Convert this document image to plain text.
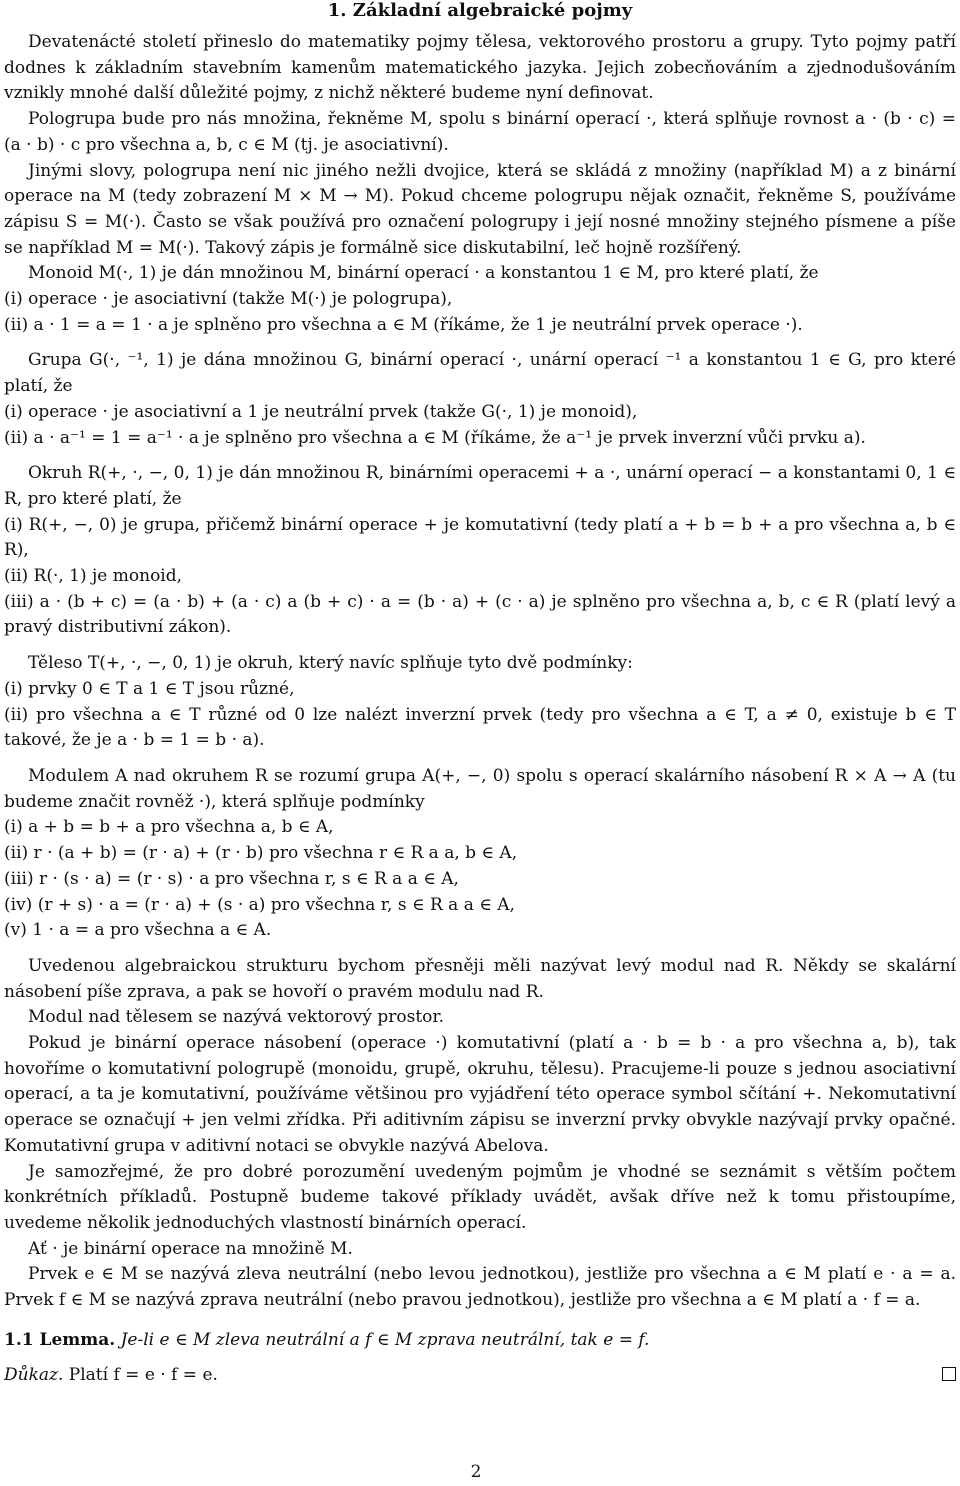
1. Základní algebraické pojmy

Devatenácté století přineslo do matematiky pojmy tělesa, vektorového prostoru a grupy. Tyto pojmy patří dodnes k základním stavebním kamenům matematického jazyka. Jejich zobecňováním a zjednodušováním vznikly mnohé další důležité pojmy, z nichž některé budeme nyní definovat.

Pologrupa bude pro nás množina, řekněme M, spolu s binární operací ·, která splňuje rovnost a · (b · c) = (a · b) · c pro všechna a, b, c ∈ M (tj. je asociativní).

Jinými slovy, pologrupa není nic jiného nežli dvojice, která se skládá z množiny (například M) a z binární operace na M (tedy zobrazení M × M → M). Pokud chceme pologrupu nějak označit, řekněme S, používáme zápisu S = M(·). Často se však používá pro označení pologrupy i její nosné množiny stejného písmene a píše se například M = M(·). Takový zápis je formálně sice diskutabilní, leč hojně rozšířený.

Monoid M(·, 1) je dán množinou M, binární operací · a konstantou 1 ∈ M, pro které platí, že

(i) operace · je asociativní (takže M(·) je pologrupa),

(ii) a · 1 = a = 1 · a je splněno pro všechna a ∈ M (říkáme, že 1 je neutrální prvek operace ·).

Grupa G(·, ⁻¹, 1) je dána množinou G, binární operací ·, unární operací ⁻¹ a konstantou 1 ∈ G, pro které platí, že

(i) operace · je asociativní a 1 je neutrální prvek (takže G(·, 1) je monoid),

(ii) a · a⁻¹ = 1 = a⁻¹ · a je splněno pro všechna a ∈ M (říkáme, že a⁻¹ je prvek inverzní vůči prvku a).

Okruh R(+, ·, −, 0, 1) je dán množinou R, binárními operacemi + a ·, unární operací − a konstantami 0, 1 ∈ R, pro které platí, že

(i) R(+, −, 0) je grupa, přičemž binární operace + je komutativní (tedy platí a + b = b + a pro všechna a, b ∈ R),

(ii) R(·, 1) je monoid,

(iii) a · (b + c) = (a · b) + (a · c) a (b + c) · a = (b · a) + (c · a) je splněno pro všechna a, b, c ∈ R (platí levý a pravý distributivní zákon).

Těleso T(+, ·, −, 0, 1) je okruh, který navíc splňuje tyto dvě podmínky:

(i) prvky 0 ∈ T a 1 ∈ T jsou různé,

(ii) pro všechna a ∈ T různé od 0 lze nalézt inverzní prvek (tedy pro všechna a ∈ T, a ≠ 0, existuje b ∈ T takové, že je a · b = 1 = b · a).

Modulem A nad okruhem R se rozumí grupa A(+, −, 0) spolu s operací skalárního násobení R × A → A (tu budeme značit rovněž ·), která splňuje podmínky

(i) a + b = b + a pro všechna a, b ∈ A,

(ii) r · (a + b) = (r · a) + (r · b) pro všechna r ∈ R a a, b ∈ A,

(iii) r · (s · a) = (r · s) · a pro všechna r, s ∈ R a a ∈ A,

(iv) (r + s) · a = (r · a) + (s · a) pro všechna r, s ∈ R a a ∈ A,

(v) 1 · a = a pro všechna a ∈ A.

Uvedenou algebraickou strukturu bychom přesněji měli nazývat levý modul nad R. Někdy se skalární násobení píše zprava, a pak se hovoří o pravém modulu nad R.

Modul nad tělesem se nazývá vektorový prostor.

Pokud je binární operace násobení (operace ·) komutativní (platí a · b = b · a pro všechna a, b), tak hovoříme o komutativní pologrupě (monoidu, grupě, okruhu, tělesu). Pracujeme-li pouze s jednou asociativní operací, a ta je komutativní, používáme většinou pro vyjádření této operace symbol sčítání +. Nekomutativní operace se označují + jen velmi zřídka. Při aditivním zápisu se inverzní prvky obvykle nazývají prvky opačné. Komutativní grupa v aditivní notaci se obvykle nazývá Abelova.

Je samozřejmé, že pro dobré porozumění uvedeným pojmům je vhodné se seznámit s větším počtem konkrétních příkladů. Postupně budeme takové příklady uvádět, avšak dříve než k tomu přistoupíme, uvedeme několik jednoduchých vlastností binárních operací.

Ať · je binární operace na množině M.

Prvek e ∈ M se nazývá zleva neutrální (nebo levou jednotkou), jestliže pro všechna a ∈ M platí e · a = a. Prvek f ∈ M se nazývá zprava neutrální (nebo pravou jednotkou), jestliže pro všechna a ∈ M platí a · f = a.

1.1 Lemma. Je-li e ∈ M zleva neutrální a f ∈ M zprava neutrální, tak e = f.

Důkaz. Platí f = e · f = e.

2
